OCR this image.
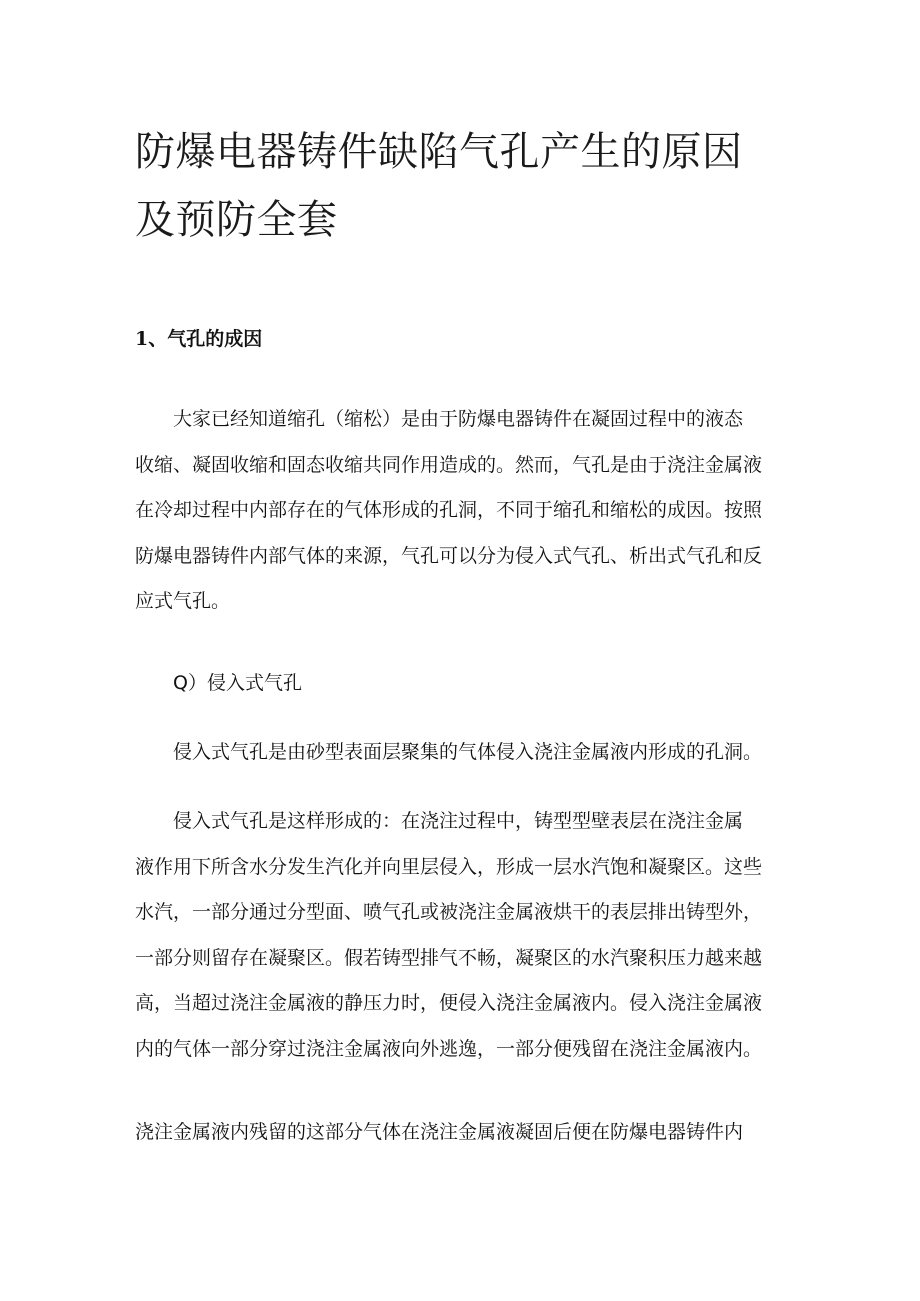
防爆电器铸件缺陷气孔产生的原因
及预防全套
1、气孔的成因

　　大家已经知道缩孔（缩松）是由于防爆电器铸件在凝固过程中的液态
收缩、凝固收缩和固态收缩共同作用造成的。然而，气孔是由于浇注金属液
在冷却过程中内部存在的气体形成的孔洞，不同于缩孔和缩松的成因。按照
防爆电器铸件内部气体的来源，气孔可以分为侵入式气孔、析出式气孔和反
应式气孔。

　　Q）侵入式气孔

　　侵入式气孔是由砂型表面层聚集的气体侵入浇注金属液内形成的孔洞。

　　侵入式气孔是这样形成的：在浇注过程中，铸型型壁表层在浇注金属
液作用下所含水分发生汽化并向里层侵入，形成一层水汽饱和凝聚区。这些
水汽，一部分通过分型面、喷气孔或被浇注金属液烘干的表层排出铸型外，
一部分则留存在凝聚区。假若铸型排气不畅，凝聚区的水汽聚积压力越来越
高，当超过浇注金属液的静压力时，便侵入浇注金属液内。侵入浇注金属液
内的气体一部分穿过浇注金属液向外逃逸，一部分便残留在浇注金属液内。

浇注金属液内残留的这部分气体在浇注金属液凝固后便在防爆电器铸件内
